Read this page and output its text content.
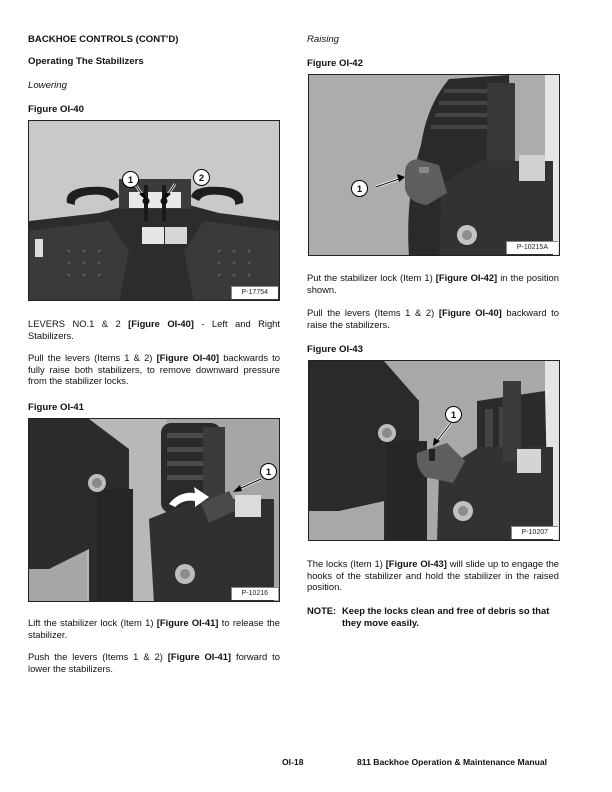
BACKHOE CONTROLS (CONT'D)
Operating The Stabilizers
Lowering
Figure OI-40
1	2
P-17754
LEVERS NO.1 & 2 [Figure OI-40] - Left and Right Stabilizers.
Pull the levers (Items 1 & 2) [Figure OI-40] backwards to fully raise both stabilizers, to remove downward pressure from the stabilizer locks.
Figure OI-41
1
P-10216
Lift the stabilizer lock (Item 1) [Figure OI-41] to release the stabilizer.
Push the levers (Items 1 & 2) [Figure OI-41] forward to lower the stabilizers.
Raising
Figure OI-42
1
P-10215A
Put the stabilizer lock (Item 1) [Figure OI-42] in the position shown.
Pull the levers (Items 1 & 2) [Figure OI-40] backward to raise the stabilizers.
Figure OI-43
1
P-10207
The locks (Item 1) [Figure OI-43] will slide up to engage the hooks of the stabilizer and hold the stabilizer in the raised position.
NOTE: Keep the locks clean and free of debris so that they move easily.
OI-18	811 Backhoe Operation & Maintenance Manual
